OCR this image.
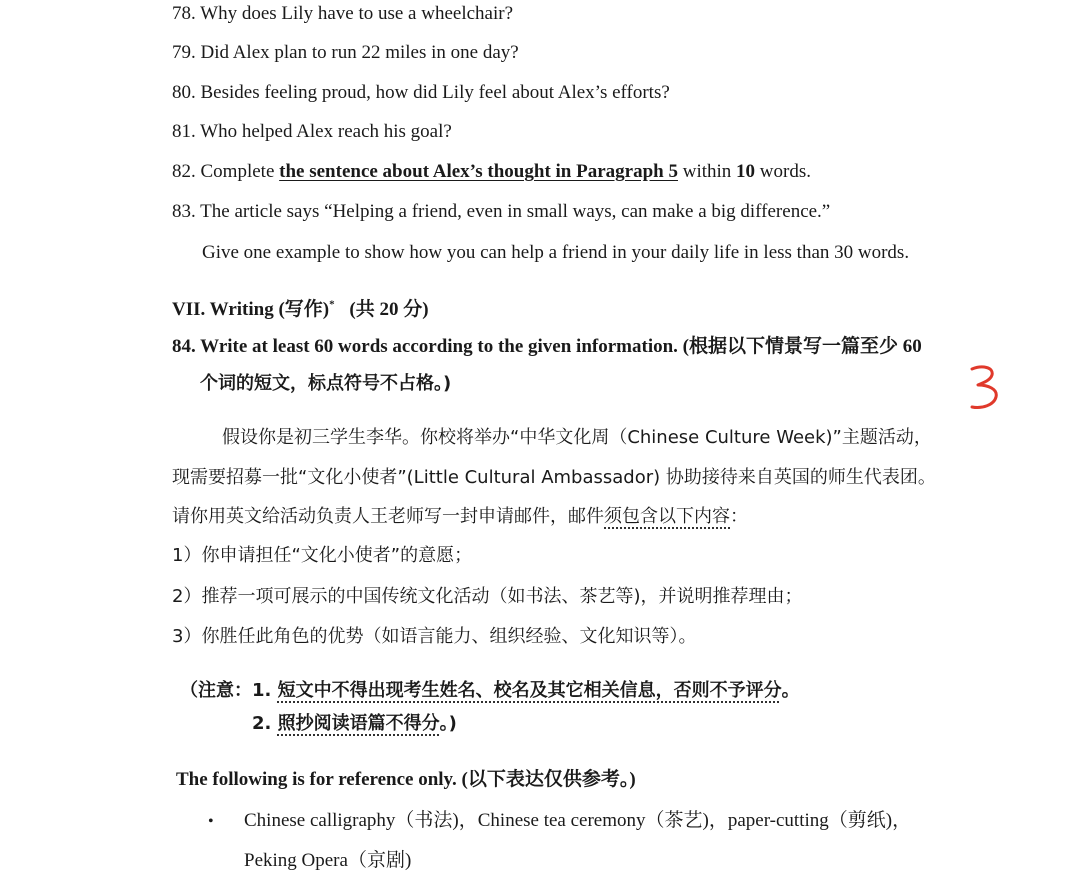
78. Why does Lily have to use a wheelchair?
79. Did Alex plan to run 22 miles in one day?
80. Besides feeling proud, how did Lily feel about Alex’s efforts?
81. Who helped Alex reach his goal?
82. Complete the sentence about Alex’s thought in Paragraph 5 within 10 words.
83. The article says “Helping a friend, even in small ways, can make a big difference.”
Give one example to show how you can help a friend in your daily life in less than 30 words.
VII. Writing (写作)* (共 20 分)
84. Write at least 60 words according to the given information. (根据以下情景写一篇至少 60
个词的短文，标点符号不占格。)
假设你是初三学生李华。你校将举办“中华文化周（Chinese Culture Week)”主题活动，
现需要招募一批“文化小使者”(Little Cultural Ambassador) 协助接待来自英国的师生代表团。
请你用英文给活动负责人王老师写一封申请邮件，邮件须包含以下内容：
1）你申请担任“文化小使者”的意愿；
2）推荐一项可展示的中国传统文化活动（如书法、茶艺等)，并说明推荐理由；
3）你胜任此角色的优势（如语言能力、组织经验、文化知识等）。
（注意：1. 短文中不得出现考生姓名、校名及其它相关信息，否则不予评分。
2. 照抄阅读语篇不得分。)
The following is for reference only. (以下表达仅供参考。)
• Chinese calligraphy（书法)，Chinese tea ceremony（茶艺)，paper-cutting（剪纸)，
Peking Opera（京剧)
